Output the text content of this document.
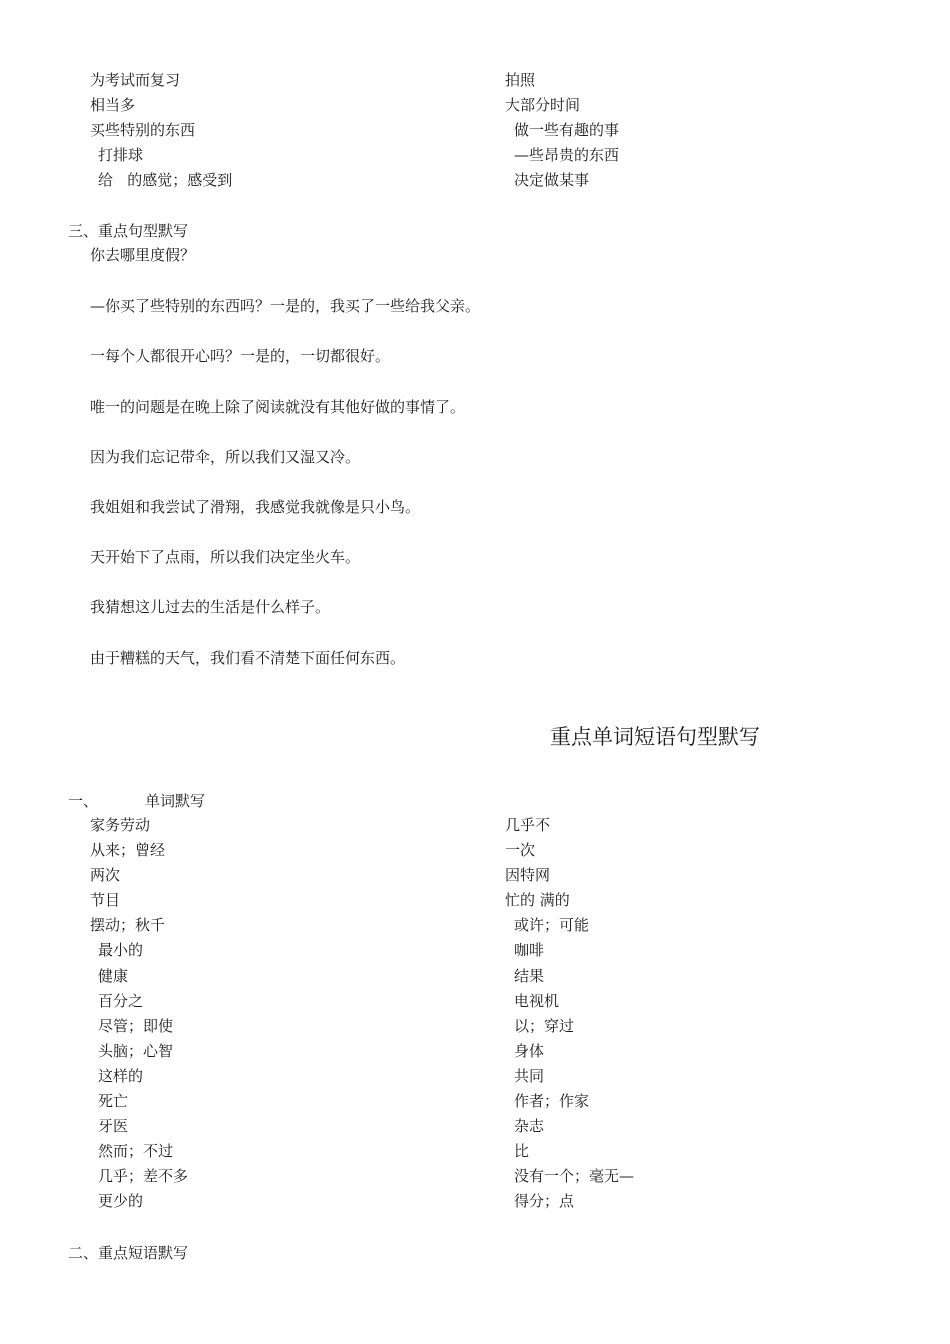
为考试而复习
相当多
买些特别的东西
打排球
给   的感觉；感受到
拍照
大部分时间
做一些有趣的事
—些昂贵的东西
决定做某事
三、重点句型默写
你去哪里度假？
—你买了些特别的东西吗？一是的，我买了一些给我父亲。
一每个人都很开心吗？一是的，一切都很好。
唯一的问题是在晚上除了阅读就没有其他好做的事情了。
因为我们忘记带伞，所以我们又湿又冷。
我姐姐和我尝试了滑翔，我感觉我就像是只小鸟。
天开始下了点雨，所以我们决定坐火车。
我猜想这儿过去的生活是什么样子。
由于糟糕的天气，我们看不清楚下面任何东西。
重点单词短语句型默写
一、	单词默写
家务劳动
从来；曾经
两次
节目
摆动；秋千
最小的
健康
百分之
尽管；即使
头脑；心智
这样的
死亡
牙医
然而；不过
几乎；差不多
更少的
几乎不
一次
因特网
忙的 满的
或许；可能
咖啡
结果
电视机
以；穿过
身体
共同
作者；作家
杂志
比
没有一个；毫无—
得分；点
二、重点短语默写
